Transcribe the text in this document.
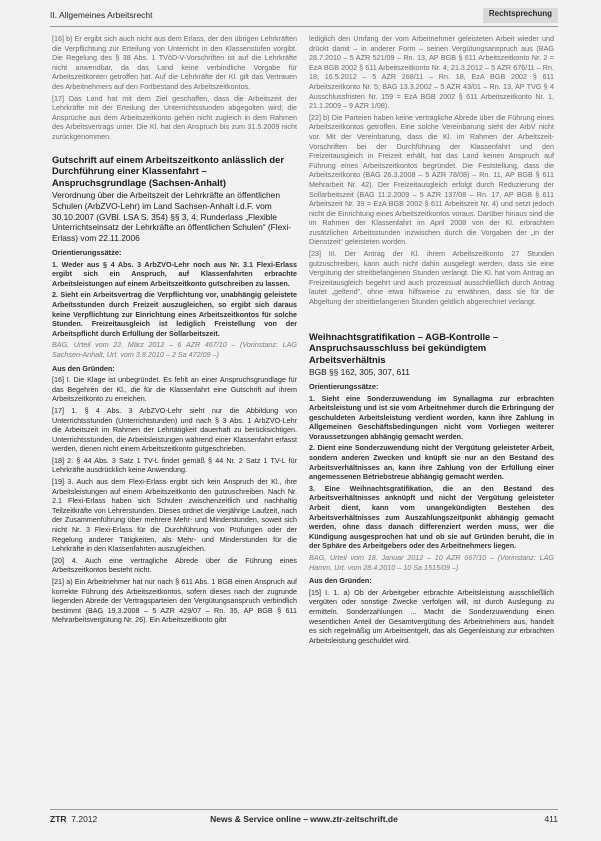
II. Allgemeines Arbeitsrecht	Rechtsprechung

[16] b) Er ergibt sich auch nicht aus dem Erlass, der den übrigen Lehrkräften die Verpflichtung zur Erteilung von Unterricht in den Klassenstufen vorgibt. Die Regelung des § 38 Abs. 1 TVöD-V-Vorschriften ist auf die Lehrkräfte nicht anwendbar, da das Land keine verbindliche Vorgabe für Arbeitszeitkonten getroffen hat. Auf die Lehrkräfte der Kl. gilt das Vertrauen des Arbeitnehmers auf den Fortbestand des Arbeitszeitkontos.

[17] Das Land hat mit dem Ziel geschaffen, dass die Arbeitszeit der Lehrkräfte mit der Erteilung der Unterrichtsstunden abgegolten wird; die Ansprüche aus dem Arbeitszeitkonto gehen nicht zugleich in dem Rahmen des Arbeitsvertrags unter. Die Kl. hat den Anspruch bis zum 31.5.2009 nicht zurückgenommen.

Gutschrift auf einem Arbeitszeitkonto anlässlich der Durchführung einer Klassenfahrt – Anspruchsgrundlage (Sachsen-Anhalt)
Verordnung über die Arbeitszeit der Lehrkräfte an öffentlichen Schulen (ArbZVO-Lehr) im Land Sachsen-Anhalt i.d.F. vom 30.10.2007 (GVBl. LSA S. 354) §§ 3, 4; Runderlass „Flexible Unterrichtseinsatz der Lehrkräfte an öffentlichen Schulen“ (Flexi-Erlass) vom 22.11.2006
Orientierungssätze:

1. Weder aus § 4 Abs. 3 ArbZVO-Lehr noch aus Nr. 3.1 Flexi-Erlass ergibt sich ein Anspruch, auf Klassenfahrten erbrachte Arbeitsleistungen auf einem Arbeitszeitkonto gutschreiben zu lassen.

2. Sieht ein Arbeitsvertrag die Verpflichtung vor, unabhängig geleistete Arbeitsstunden durch Freizeit auszugleichen, so ergibt sich daraus keine Verpflichtung zur Einrichtung eines Arbeitszeitkontos für solche Stunden. Freizeitausgleich ist lediglich Freistellung von der Arbeitspflicht durch Erfüllung der Sollarbeitszeit.

BAG, Urteil vom 22. März 2012 – 6 AZR 467/10 – (Vorinstanz: LAG Sachsen-Anhalt, Urt. vom 3.8.2010 – 2 Sa 472/09 –)

Aus den Gründen:

[16] I. Die Klage ist unbegründet. Es fehlt an einer Anspruchsgrundlage für das Begehren der Kl., die für die Klassenfahrt eine Gutschrift auf ihrem Arbeitszeitkonto zu erreichen.

[17] 1. § 4 Abs. 3 ArbZVO-Lehr sieht nur die Abbildung von Unterrichtsstunden (Unterrichtstunden) und nach § 3 Abs. 1 ArbZVO-Lehr die Arbeitszeit im Rahmen der Lehrtätigkeit dauerhaft zu berücksichtigen. Unterrichtsstunden, die Arbeitsleistungen während einer Klassenfahrt erfasst werden, dienen nicht einem Arbeitszeitkonto gutgeschrieben.

[18] 2. § 44 Abs. 3 Satz 1 TV-L findet gemäß § 44 Nr. 2 Satz 1 TV-L für Lehrkräfte ausdrücklich keine Anwendung.

[19] 3. Auch aus dem Flexi-Erlass ergibt sich kein Anspruch der Kl., ihre Arbeitsleistungen auf einem Arbeitszeitkonto den gutzuschreiben. Nach Nr. 2.1 Flexi-Erlass haben sich Schulen zwischenzeitlich und nachhaltig Teilzeitkräfte von Lehrerstunden. Dieses ordnet die vierjährige Laufzeit, nach der Zusammenführung über mehrere Mehr- und Minderstunden, soweit sich nicht Nr. 3 Flexi-Erlass für die Durchführung von Prüfungen oder der Regelung anderer Tätigkeiten, als Mehr- und Minderstunden für die Lehrkräfte in den Klassenfahrten auszugleichen.

[20] 4. Auch eine vertragliche Abrede über die Führung eines Arbeitszeitkontos besteht nicht.

[21] a) Ein Arbeitnehmer hat nur nach § 611 Abs. 1 BGB einen Anspruch auf korrekte Führung des Arbeitszeitkontos, sofern dieses nach der zugrunde liegenden Abrede der Vertragsparteien den Vergütungsanspruch verbindlich bestimmt (BAG 19.3.2008 – 5 AZR 429/07 – Rn. 35, AP BGB § 611 Mehrarbeitsvergütung Nr. 26). Ein Arbeitszeitkonto gibt

lediglich den Umfang der vom Arbeitnehmer geleisteten Arbeit wieder und drückt damit – in anderer Form – seinen Vergütungsanspruch aus (BAG 28.7.2010 – 5 AZR 521/09 – Rn. 13, AP BGB § 611 Arbeitszeitkonto Nr. 2 = EzA BGB 2002 § 611 Arbeitszeitkonto Nr. 4; 21.3.2012 – 5 AZR 676/11 – Rn. 18; 16.5.2012 – 5 AZR 268/11 – Rn. 18, EzA BGB 2002 § 611 Arbeitszeitkonto Nr. 5; BAG 13.3.2002 – 5 AZR 43/01 – Rn. 13, AP TVG § 4 Ausschlussfristen Nr. 159 = EzA BGB 2002 § 611 Arbeitszeitkonto Nr. 1, 21.1.2009 – 9 AZR 1/08).

[22] b) Die Parteien haben keine vertragliche Abrede über die Führung eines Arbeitszeitkontos getroffen. Eine solche Vereinbarung sieht der ArbV nicht vor. Mit der Vereinbarung, dass die Kl. im Rahmen der Arbeitszeit-Vorschriften bei der Durchführung der Klassenfahrt und den Freizeitausgleich in Freizeit erhält, hat das Land keinen Anspruch auf Führung eines Arbeitszeitkontos begründet. Die Feststellung, dass die Arbeitszeitkonto (BAG 26.3.2008 – 5 AZR 78/08) – Rn. 11, AP BGB § 611 Mehrarbeit Nr. 42). Der Freizeitausgleich erfolgt durch Reduzierung der Sollarbeitszeit (BAG 11.2.2009 – 5 AZR 137/08 – Rn. 17, AP BGB § 611 Arbeitszeit Nr. 39 = EzA BGB 2002 § 611 Arbeitszeit Nr. 4) und setzt jedoch nicht die Einrichtung eines Arbeitszeitkontos voraus. Darüber hinaus sind die im Rahmen der Klassenfahrt im April 2008 von der Kl. erbrachten zusätzlichen Arbeitsstunden inzwischen durch die Vorgaben der „in der Dienstzeit“ geleisteten worden.

[23] III. Der Antrag der Kl. ihrem Arbeitszeitkonto 27 Stunden gutzuschreiben, kann auch nicht dahin ausgelegt werden, dass sie eine Vergütung der streitbefangenen Stunden verlangt. Die Kl. hat vom Antrag an Freizeitausgleich begehrt und auch prozessual ausschließlich durch Antrag lautet „geltend“, ohne etwa hilfsweise zu erwähnen, dass sie für die Abgeltung der streitbefangenen Stunden geldlich abgerechnet verlangt.

Weihnachtsgratifikation – AGB-Kontrolle – Anspruchsausschluss bei gekündigtem Arbeitsverhältnis
BGB §§ 162, 305, 307, 611
Orientierungssätze:

1. Sieht eine Sonderzuwendung im Synallagma zur erbrachten Arbeitsleistung und ist sie vom Arbeitnehmer durch die Erbringung der geschuldeten Arbeitsleistung verdient worden, kann ihre Zahlung in Allgemeinen Geschäftsbedingungen nicht vom Vorliegen weiterer Voraussetzungen abhängig gemacht werden.

2. Dient eine Sonderzuwendung nicht der Vergütung geleisteter Arbeit, sondern anderen Zwecken und knüpft sie nur an den Bestand des Arbeitsverhältnisses an, kann ihre Zahlung von der Erfüllung einer angemessenen Betriebstreue abhängig gemacht werden.

3. Eine Weihnachtsgratifikation, die an den Bestand des Arbeitsverhältnisses anknüpft und nicht der Vergütung geleisteter Arbeit dient, kann vom unangekündigten Bestehen des Arbeitsverhältnisses zum Auszahlungszeitpunkt abhängig gemacht werden, ohne dass danach differenziert werden muss, wer die Kündigung ausgesprochen hat und ob sie auf Gründen beruht, die in der Sphäre des Arbeitgebers oder des Arbeitnehmers liegen.

BAG, Urteil vom 18. Januar 2012 – 10 AZR 667/10 – (Vorinstanz: LAG Hamm, Urt. vom 28.4.2010 – 10 Sa 1515/09 –)

Aus den Gründen:

[15] I. 1. a) Ob der Arbeitgeber erbrachte Arbeitsleistung ausschließlich vergüten oder sonstige Zwecke verfolgen will, ist durch Auslegung zu ermitteln. Sonderzahlungen ... Macht die Sonderzuwendung einen wesentlichen Anteil der Gesamtvergütung des Arbeitnehmers aus, handelt es sich regelmäßig um Arbeitsentgelt, das als Gegenleistung zur erbrachten Arbeitsleistung geschuldet wird.

ZTR 7.2012	News & Service online – www.ztr-zeitschrift.de	411
